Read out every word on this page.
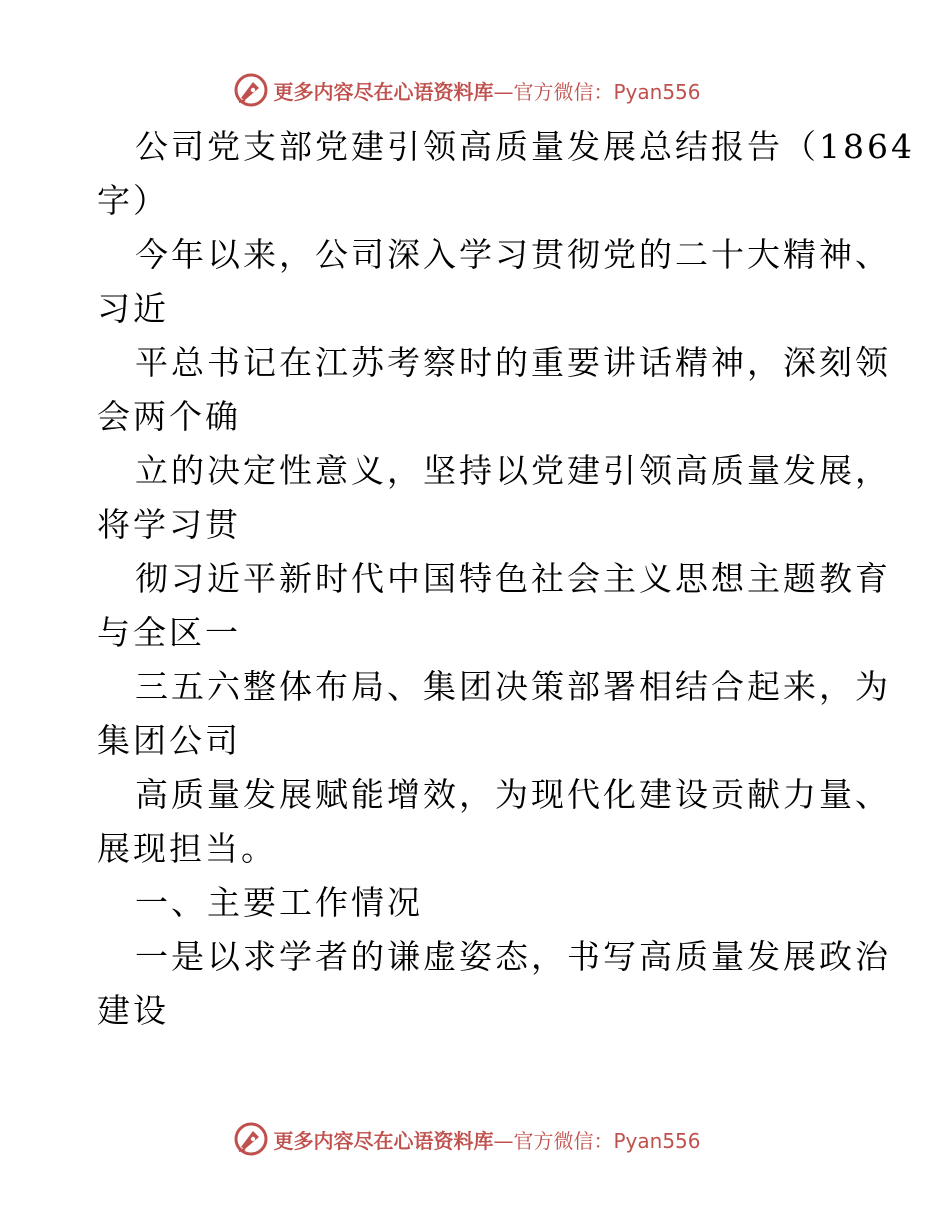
更多内容尽在心语资料库—官方微信：Pyan556
公司党支部党建引领高质量发展总结报告（1864
字）
今年以来，公司深入学习贯彻党的二十大精神、
习近
平总书记在江苏考察时的重要讲话精神，深刻领
会两个确
立的决定性意义，坚持以党建引领高质量发展，
将学习贯
彻习近平新时代中国特色社会主义思想主题教育
与全区一
三五六整体布局、集团决策部署相结合起来，为
集团公司
高质量发展赋能增效，为现代化建设贡献力量、
展现担当。
一、主要工作情况
一是以求学者的谦虚姿态，书写高质量发展政治
建设
更多内容尽在心语资料库—官方微信：Pyan556
